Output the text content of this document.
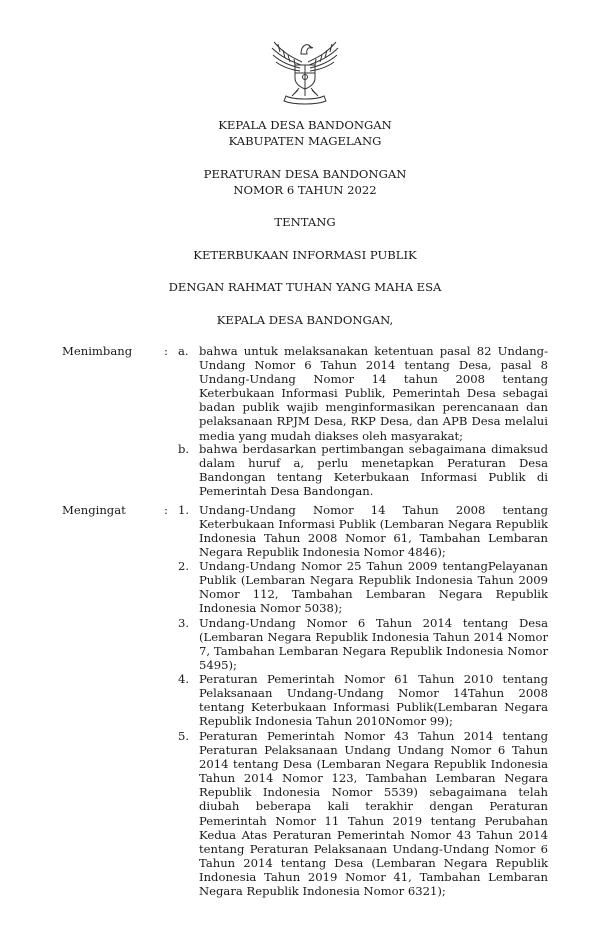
KEPALA DESA BANDONGAN
KABUPATEN MAGELANG
PERATURAN DESA BANDONGAN
NOMOR 6 TAHUN 2022
TENTANG
KETERBUKAAN INFORMASI PUBLIK
DENGAN RAHMAT TUHAN YANG MAHA ESA
KEPALA DESA BANDONGAN,
Menimbang	: a. bahwa untuk melaksanakan ketentuan pasal 82 Undang-Undang Nomor 6 Tahun 2014 tentang Desa, pasal 8 Undang-Undang Nomor 14 tahun 2008 tentang Keterbukaan Informasi Publik, Pemerintah Desa sebagai badan publik wajib menginformasikan perencanaan dan pelaksanaan RPJM Desa, RKP Desa, dan APB Desa melalui media yang mudah diakses oleh masyarakat;
b. bahwa berdasarkan pertimbangan sebagaimana dimaksud dalam huruf a, perlu menetapkan Peraturan Desa Bandongan tentang Keterbukaan Informasi Publik di Pemerintah Desa Bandongan.
Mengingat	: 1. Undang-Undang Nomor 14 Tahun 2008 tentang Keterbukaan Informasi Publik (Lembaran Negara Republik Indonesia Tahun 2008 Nomor 61, Tambahan Lembaran Negara Republik Indonesia Nomor 4846);
2. Undang-Undang Nomor 25 Tahun 2009 tentangPelayanan Publik (Lembaran Negara Republik Indonesia Tahun 2009 Nomor 112, Tambahan Lembaran Negara Republik Indonesia Nomor 5038);
3. Undang-Undang Nomor 6 Tahun 2014 tentang Desa (Lembaran Negara Republik Indonesia Tahun 2014 Nomor 7, Tambahan Lembaran Negara Republik Indonesia Nomor 5495);
4. Peraturan Pemerintah Nomor 61 Tahun 2010 tentang Pelaksanaan Undang-Undang Nomor 14Tahun 2008 tentang Keterbukaan Informasi Publik(Lembaran Negara Republik Indonesia Tahun 2010Nomor 99);
5. Peraturan Pemerintah Nomor 43 Tahun 2014 tentang Peraturan Pelaksanaan Undang Undang Nomor 6 Tahun 2014 tentang Desa (Lembaran Negara Republik Indonesia Tahun 2014 Nomor 123, Tambahan Lembaran Negara Republik Indonesia Nomor 5539) sebagaimana telah diubah beberapa kali terakhir dengan Peraturan Pemerintah Nomor 11 Tahun 2019 tentang Perubahan Kedua Atas Peraturan Pemerintah Nomor 43 Tahun 2014 tentang Peraturan Pelaksanaan Undang-Undang Nomor 6 Tahun 2014 tentang Desa (Lembaran Negara Republik Indonesia Tahun 2019 Nomor 41, Tambahan Lembaran Negara Republik Indonesia Nomor 6321);
